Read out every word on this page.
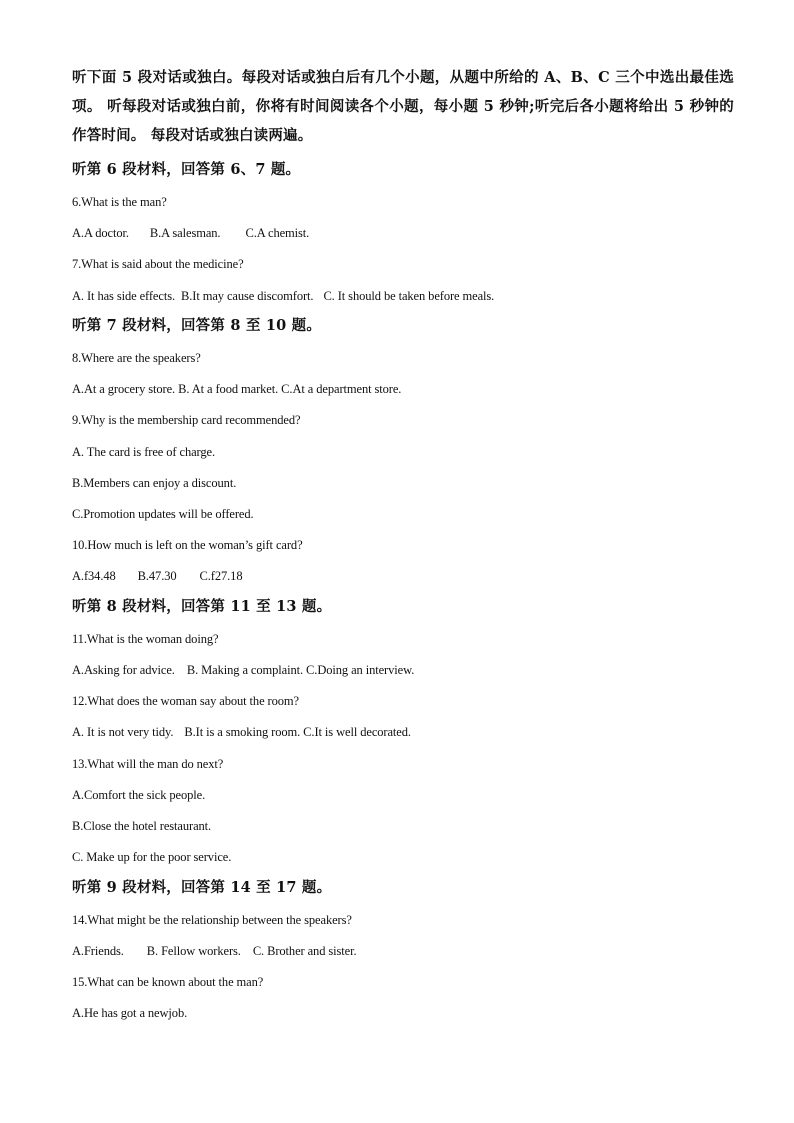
听下面 5 段对话或独白。每段对话或独白后有几个小题，从题中所给的 A、B、C 三个中选出最佳选项。 听每段对话或独白前，你将有时间阅读各个小题，每小题 5 秒钟;听完后各小题将给出 5 秒钟的作答时间。 每段对话或独白读两遍。
听第 6 段材料，回答第 6、7 题。
6.What is the man?
A.A doctor. B.A salesman. C.A chemist.
7.What is said about the medicine?
A. It has side effects. B.It may cause discomfort. C. It should be taken before meals.
听第 7 段材料，回答第 8 至 10 题。
8.Where are the speakers?
A.At a grocery store. B. At a food market. C.At a department store.
9.Why is the membership card recommended?
A. The card is free of charge.
B.Members can enjoy a discount.
C.Promotion updates will be offered.
10.How much is left on the woman’s gift card?
A.f34.48 B.47.30 C.f27.18
听第 8 段材料，回答第 11 至 13 题。
11.What is the woman doing?
A.Asking for advice. B. Making a complaint. C.Doing an interview.
12.What does the woman say about the room?
A. It is not very tidy. B.It is a smoking room. C.It is well decorated.
13.What will the man do next?
A.Comfort the sick people.
B.Close the hotel restaurant.
C. Make up for the poor service.
听第 9 段材料，回答第 14 至 17 题。
14.What might be the relationship between the speakers?
A.Friends. B. Fellow workers. C. Brother and sister.
15.What can be known about the man?
A.He has got a newjob.
